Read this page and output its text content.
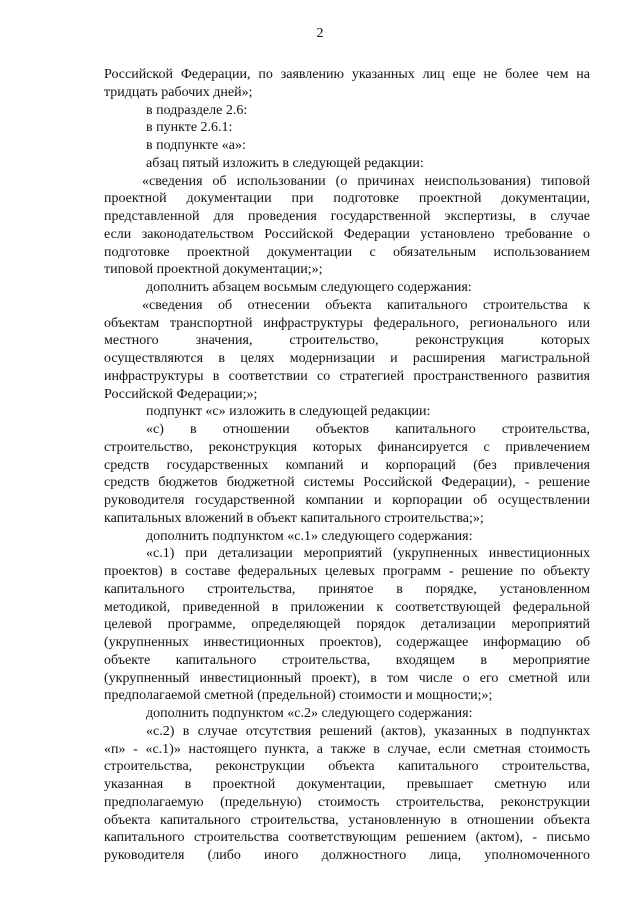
2
Российской Федерации, по заявлению указанных лиц еще не более чем на
тридцать рабочих дней»;
в подразделе 2.6:
в пункте 2.6.1:
в подпункте «а»:
абзац пятый изложить в следующей редакции:
«сведения об использовании (о причинах неиспользования) типовой
проектной документации при подготовке проектной документации,
представленной для проведения государственной экспертизы, в случае
если законодательством Российской Федерации установлено требование о
подготовке проектной документации с обязательным использованием
типовой проектной документации;»;
дополнить абзацем восьмым следующего содержания:
«сведения об отнесении объекта капитального строительства к
объектам транспортной инфраструктуры федерального, регионального или
местного значения, строительство, реконструкция которых
осуществляются в целях модернизации и расширения магистральной
инфраструктуры в соответствии со стратегией пространственного развития
Российской Федерации;»;
подпункт «с» изложить в следующей редакции:
«с) в отношении объектов капитального строительства,
строительство, реконструкция которых финансируется с привлечением
средств государственных компаний и корпораций (без привлечения
средств бюджетов бюджетной системы Российской Федерации), - решение
руководителя государственной компании и корпорации об осуществлении
капитальных вложений в объект капитального строительства;»;
дополнить подпунктом «с.1» следующего содержания:
«с.1) при детализации мероприятий (укрупненных инвестиционных
проектов) в составе федеральных целевых программ - решение по объекту
капитального строительства, принятое в порядке, установленном
методикой, приведенной в приложении к соответствующей федеральной
целевой программе, определяющей порядок детализации мероприятий
(укрупненных инвестиционных проектов), содержащее информацию об
объекте капитального строительства, входящем в мероприятие
(укрупненный инвестиционный проект), в том числе о его сметной или
предполагаемой сметной (предельной) стоимости и мощности;»;
дополнить подпунктом «с.2» следующего содержания:
«с.2) в случае отсутствия решений (актов), указанных в подпунктах
«п» - «с.1)» настоящего пункта, а также в случае, если сметная стоимость
строительства, реконструкции объекта капитального строительства,
указанная в проектной документации, превышает сметную или
предполагаемую (предельную) стоимость строительства, реконструкции
объекта капитального строительства, установленную в отношении объекта
капитального строительства соответствующим решением (актом), - письмо
руководителя (либо иного должностного лица, уполномоченного
